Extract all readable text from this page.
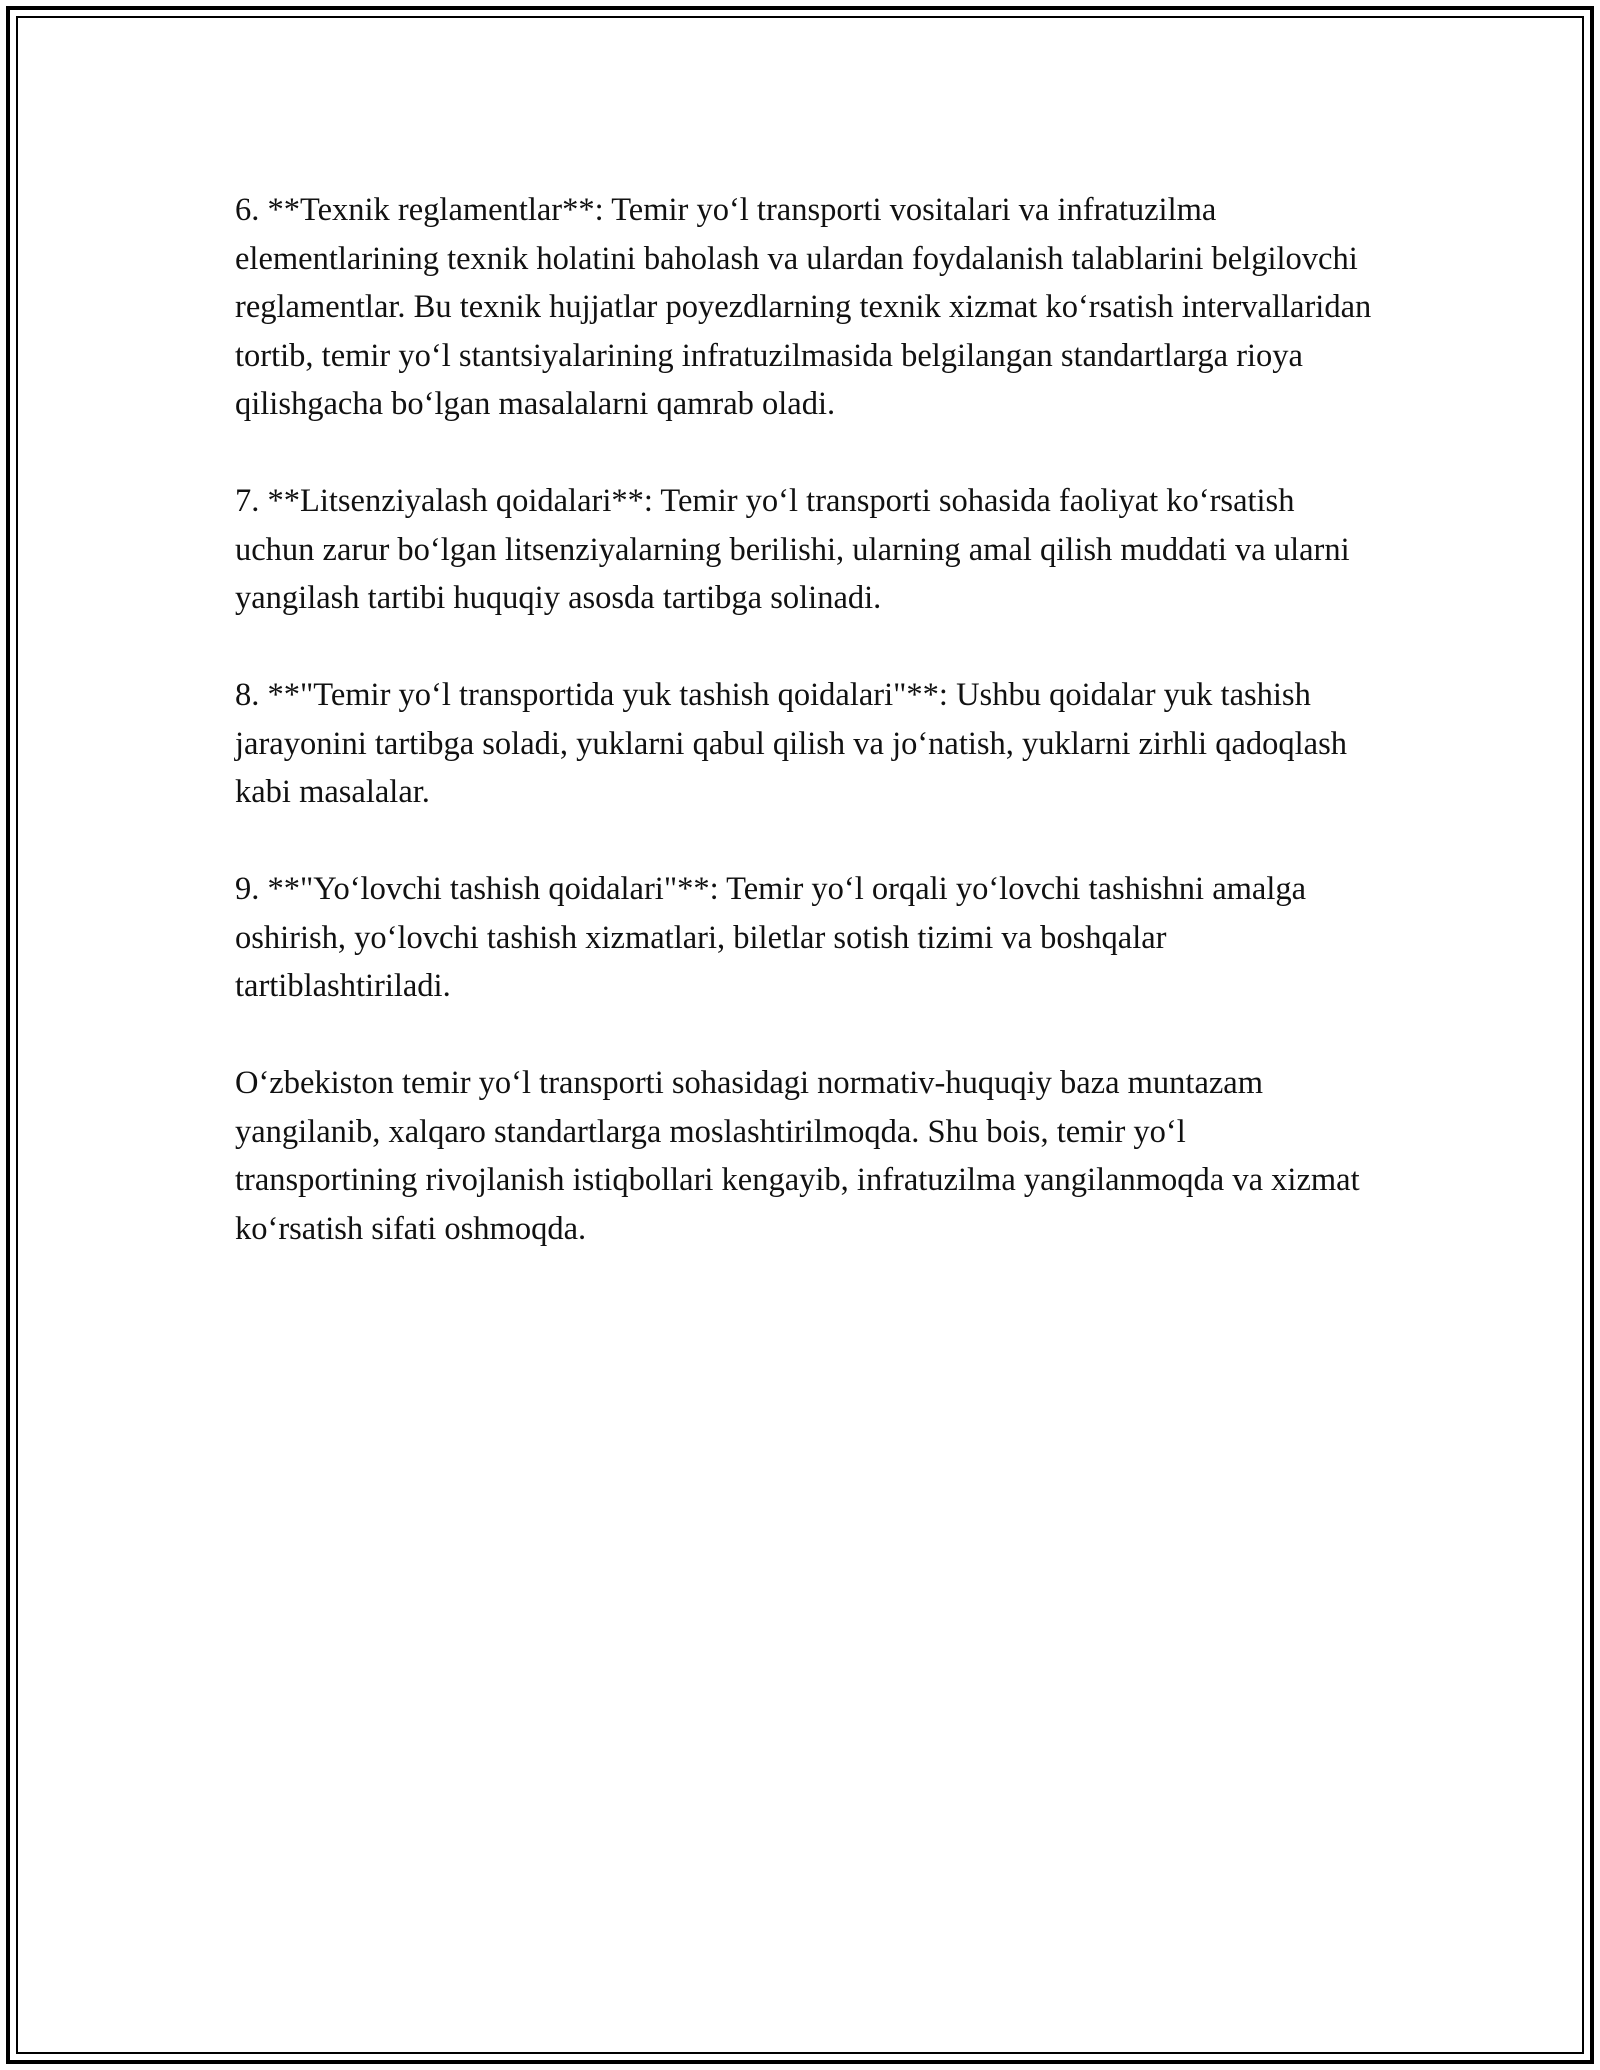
6. **Texnik reglamentlar**: Temir yo‘l transporti vositalari va infratuzilma elementlarining texnik holatini baholash va ulardan foydalanish talablarini belgilovchi reglamentlar. Bu texnik hujjatlar poyezdlarning texnik xizmat ko‘rsatish intervallaridan tortib, temir yo‘l stantsiyalarining infratuzilmasida belgilangan standartlarga rioya qilishgacha bo‘lgan masalalarni qamrab oladi.

7. **Litsenziyalash qoidalari**: Temir yo‘l transporti sohasida faoliyat ko‘rsatish uchun zarur bo‘lgan litsenziyalarning berilishi, ularning amal qilish muddati va ularni yangilash tartibi huquqiy asosda tartibga solinadi.

8. **"Temir yo‘l transportida yuk tashish qoidalari"**: Ushbu qoidalar yuk tashish jarayonini tartibga soladi, yuklarni qabul qilish va jo‘natish, yuklarni zirhli qadoqlash kabi masalalar.

9. **"Yo‘lovchi tashish qoidalari"**: Temir yo‘l orqali yo‘lovchi tashishni amalga oshirish, yo‘lovchi tashish xizmatlari, biletlar sotish tizimi va boshqalar tartiblashtiriladi.

O‘zbekiston temir yo‘l transporti sohasidagi normativ-huquqiy baza muntazam yangilanib, xalqaro standartlarga moslashtirilmoqda. Shu bois, temir yo‘l transportining rivojlanish istiqbollari kengayib, infratuzilma yangilanmoqda va xizmat ko‘rsatish sifati oshmoqda.
